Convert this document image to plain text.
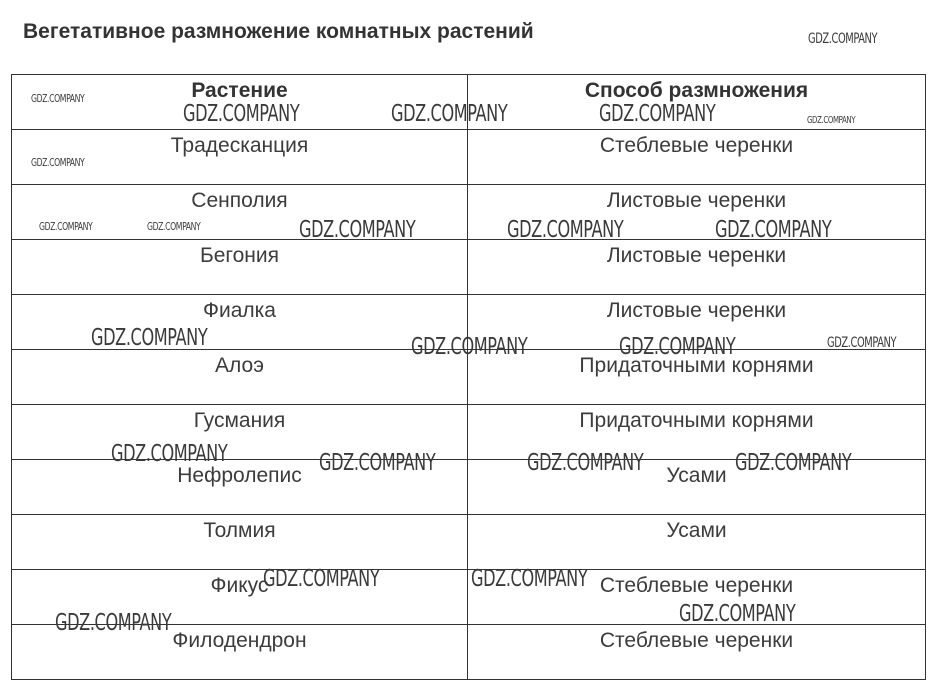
Вегетативное размножение комнатных растений
Растение	Способ размножения
Традесканция	Стеблевые черенки
Сенполия	Листовые черенки
Бегония	Листовые черенки
Фиалка	Листовые черенки
Алоэ	Придаточными корнями
Гусмания	Придаточными корнями
Нефролепис	Усами
Толмия	Усами
Фикус	Стеблевые черенки
Филодендрон	Стеблевые черенки
GDZ.COMPANY
GDZ.COMPANY
GDZ.COMPANY	GDZ.COMPANY	GDZ.COMPANY	GDZ.COMPANY
GDZ.COMPANY
GDZ.COMPANY	GDZ.COMPANY	GDZ.COMPANY	GDZ.COMPANY	GDZ.COMPANY
GDZ.COMPANY	GDZ.COMPANY	GDZ.COMPANY	GDZ.COMPANY
GDZ.COMPANY	GDZ.COMPANY	GDZ.COMPANY	GDZ.COMPANY
GDZ.COMPANY	GDZ.COMPANY
GDZ.COMPANY
GDZ.COMPANY
